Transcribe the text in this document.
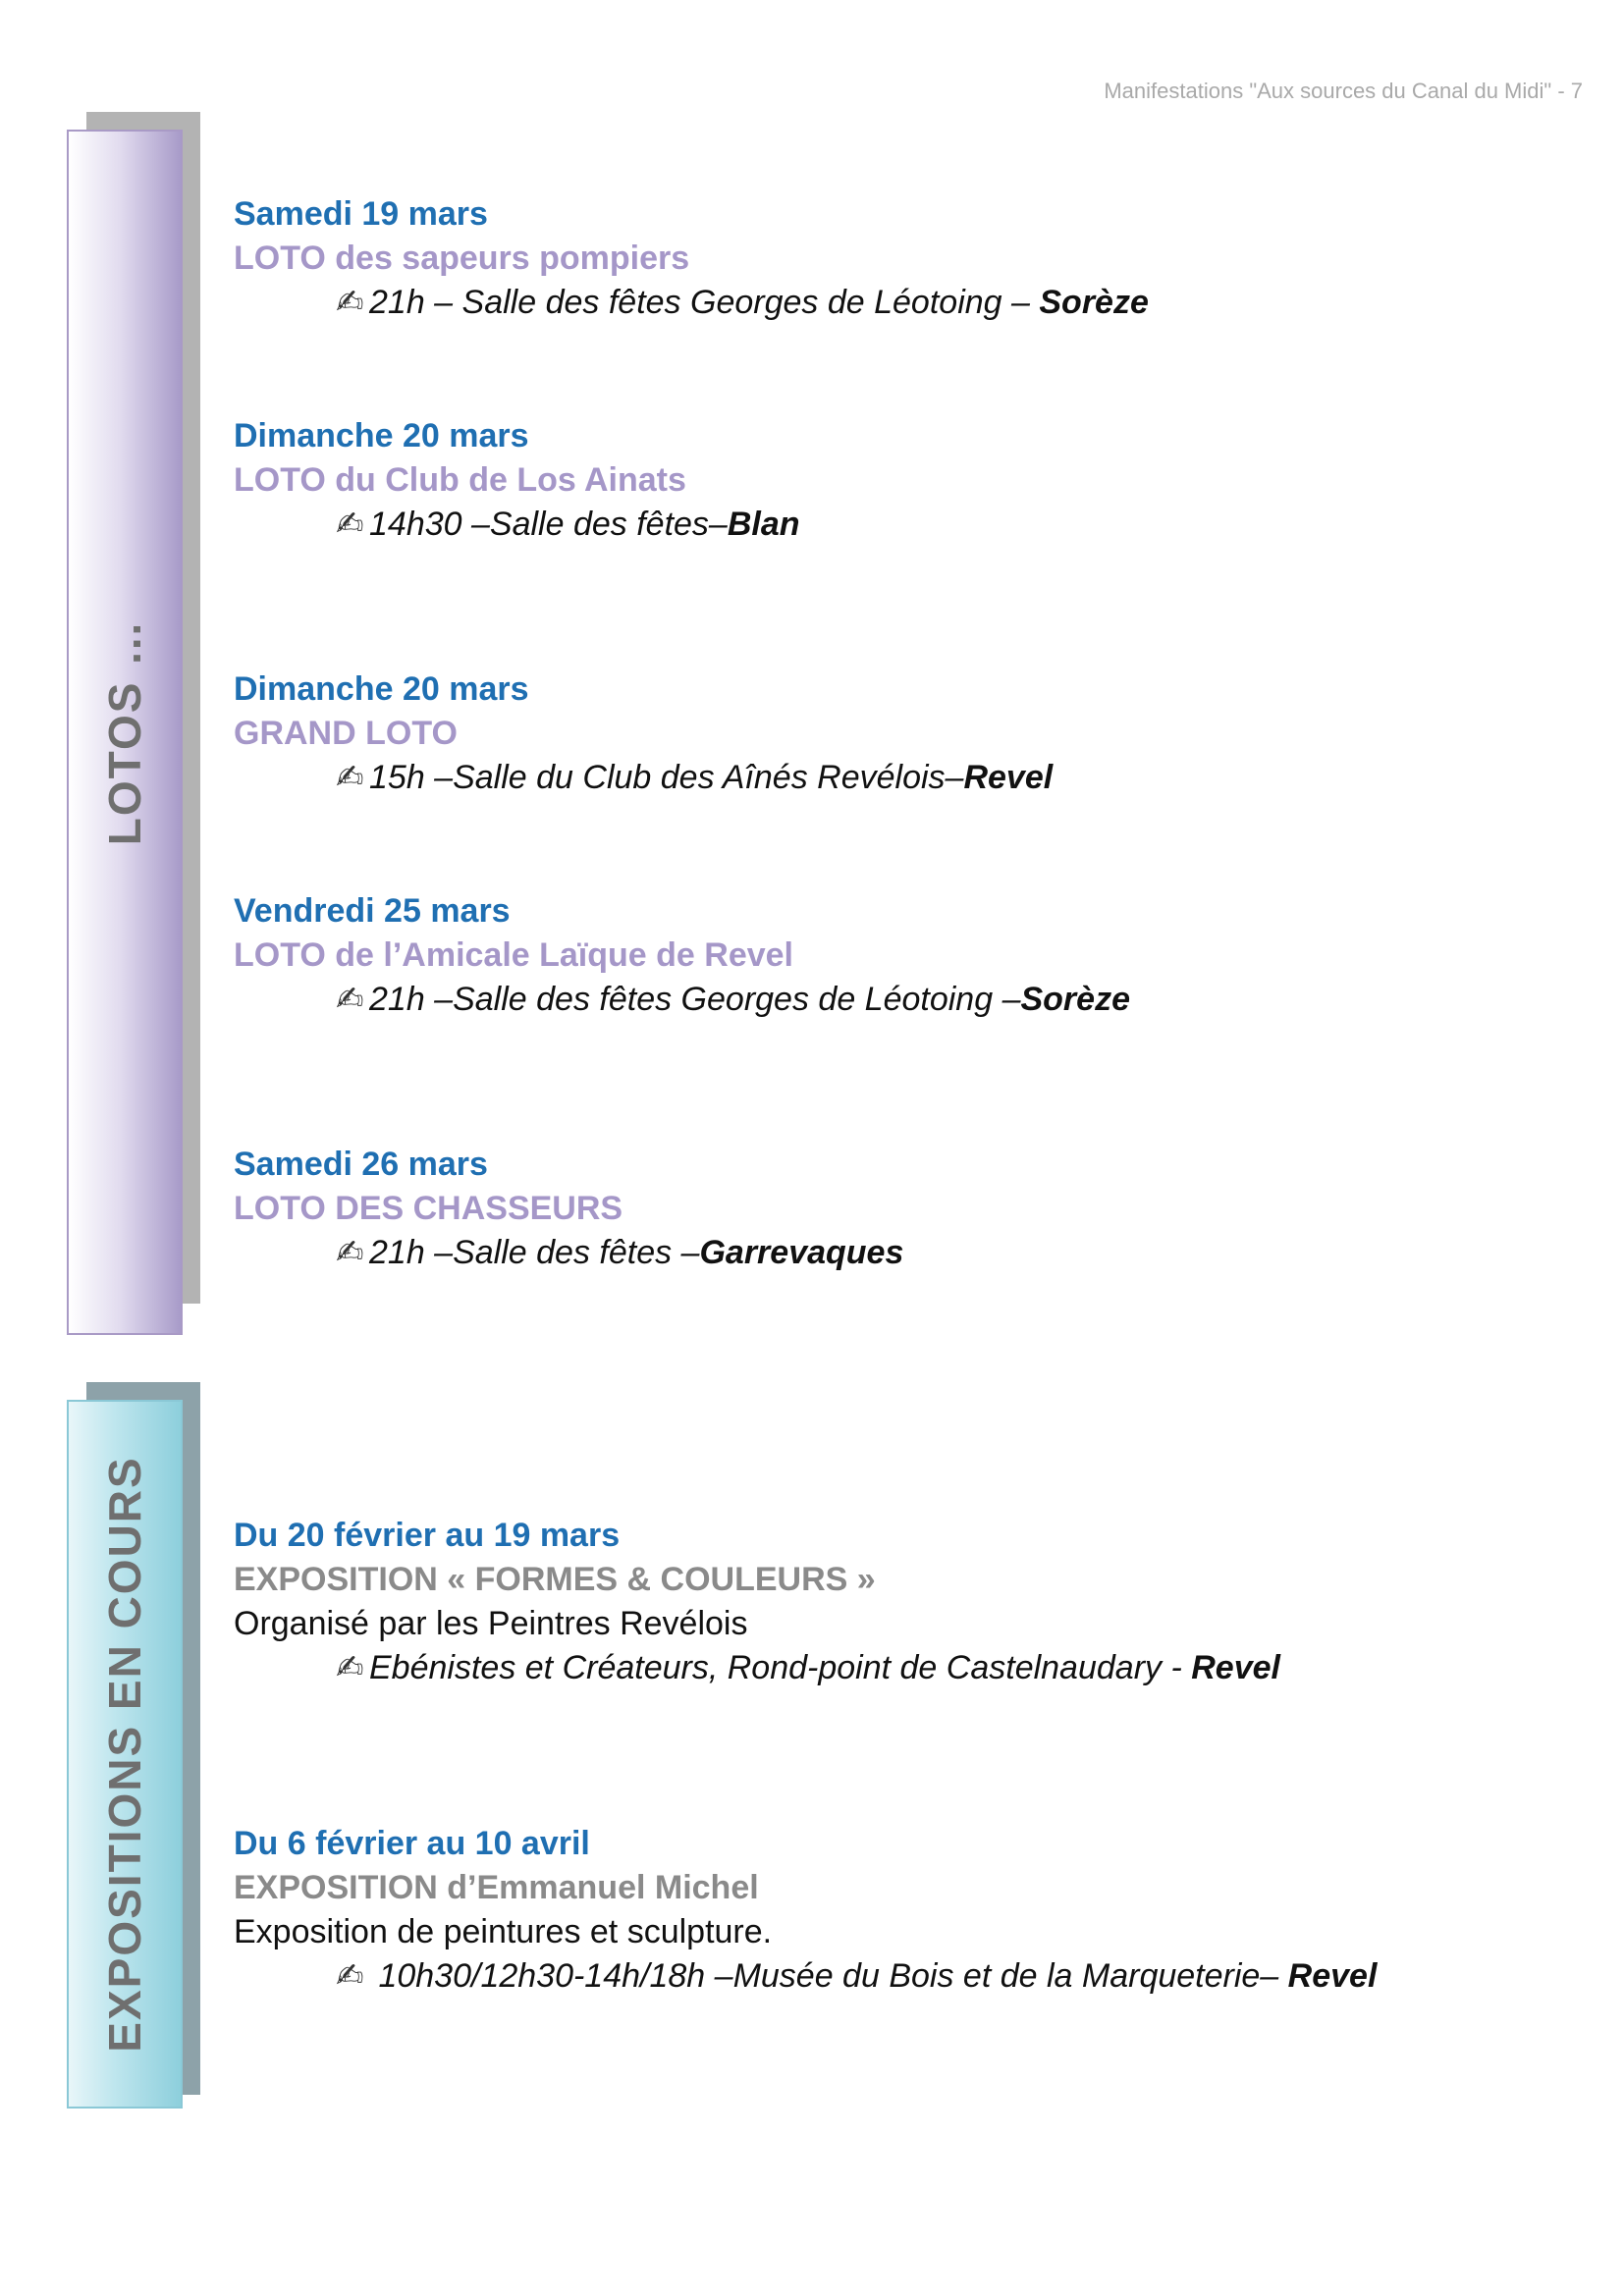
Manifestations "Aux sources du Canal du Midi" - 7
LOTOS …
EXPOSITIONS EN COURS
Samedi 19 mars
LOTO des sapeurs pompiers
✍ 21h – Salle des fêtes Georges de Léotoing – Sorèze
Dimanche 20 mars
LOTO du Club de Los Ainats
✍ 14h30 –Salle des fêtes–Blan
Dimanche 20 mars
GRAND LOTO
✍ 15h –Salle du Club des Aînés Revélois–Revel
Vendredi 25 mars
LOTO de l’Amicale Laïque de Revel
✍ 21h –Salle des fêtes Georges de Léotoing –Sorèze
Samedi 26 mars
LOTO DES CHASSEURS
✍ 21h –Salle des fêtes –Garrevaques
Du 20 février au 19 mars
EXPOSITION « FORMES & COULEURS »
Organisé par les Peintres Revélois
✍ Ebénistes et Créateurs, Rond-point de Castelnaudary - Revel
Du 6 février au 10 avril
EXPOSITION d’Emmanuel Michel
Exposition de peintures et sculpture.
✍ 10h30/12h30-14h/18h –Musée du Bois et de la Marqueterie– Revel
